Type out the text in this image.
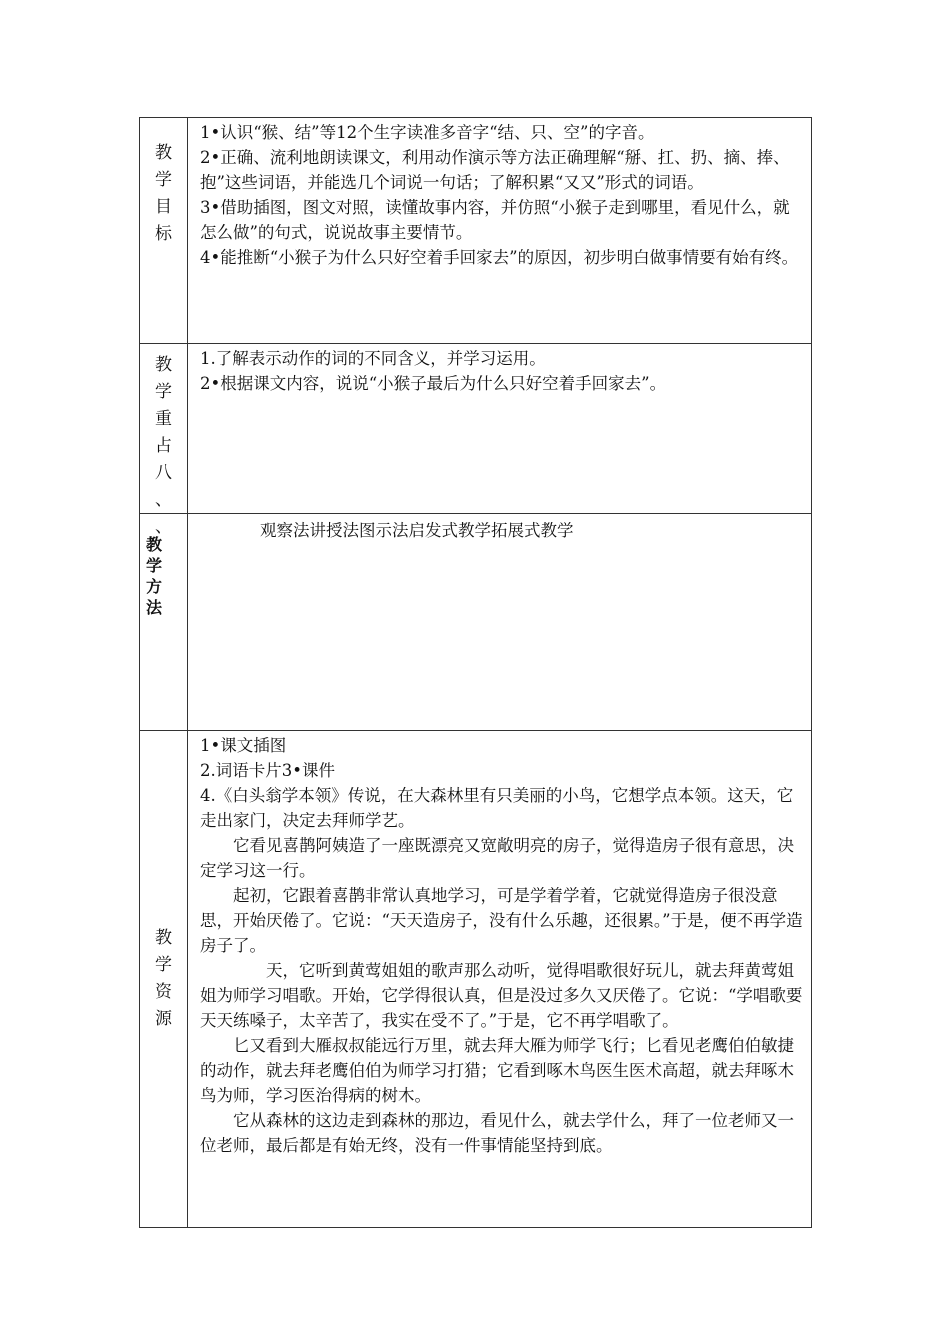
教
学
目
标

1•认识“猴、结”等12个生字读准多音字“结、只、空”的字音。

2•正确、流利地朗读课文，利用动作演示等方法正确理解“掰、扛、扔、摘、捧、抱”这些词语，并能选几个词说一句话；了解积累“又又”形式的词语。

3•借助插图，图文对照，读懂故事内容，并仿照“小猴子走到哪里，看见什么，就怎么做”的句式，说说故事主要情节。

4•能推断“小猴子为什么只好空着手回家去”的原因，初步明白做事情要有始有终。

教
学
重
占
八
、
、

1.了解表示动作的词的不同含义，并学习运用。

2•根据课文内容，说说“小猴子最后为什么只好空着手回家去”。

教
学
方
法

观察法讲授法图示法启发式教学拓展式教学

教
学
资
源

1•课文插图

2.词语卡片3•课件

4.《白头翁学本领》传说，在大森林里有只美丽的小鸟，它想学点本领。这天，它走出家门，决定去拜师学艺。

它看见喜鹊阿姨造了一座既漂亮又宽敞明亮的房子，觉得造房子很有意思，决定学习这一行。

起初，它跟着喜鹊非常认真地学习，可是学着学着，它就觉得造房子很没意思，开始厌倦了。它说：“天天造房子，没有什么乐趣，还很累。”于是，便不再学造房子了。

天，它听到黄莺姐姐的歌声那么动听，觉得唱歌很好玩儿，就去拜黄莺姐姐为师学习唱歌。开始，它学得很认真，但是没过多久又厌倦了。它说：“学唱歌要天天练嗓子，太辛苦了，我实在受不了。”于是，它不再学唱歌了。

匕又看到大雁叔叔能远行万里，就去拜大雁为师学飞行；匕看见老鹰伯伯敏捷的动作，就去拜老鹰伯伯为师学习打猎；它看到啄木鸟医生医术高超，就去拜啄木鸟为师，学习医治得病的树木。

它从森林的这边走到森林的那边，看见什么，就去学什么，拜了一位老师又一位老师，最后都是有始无终，没有一件事情能坚持到底。
